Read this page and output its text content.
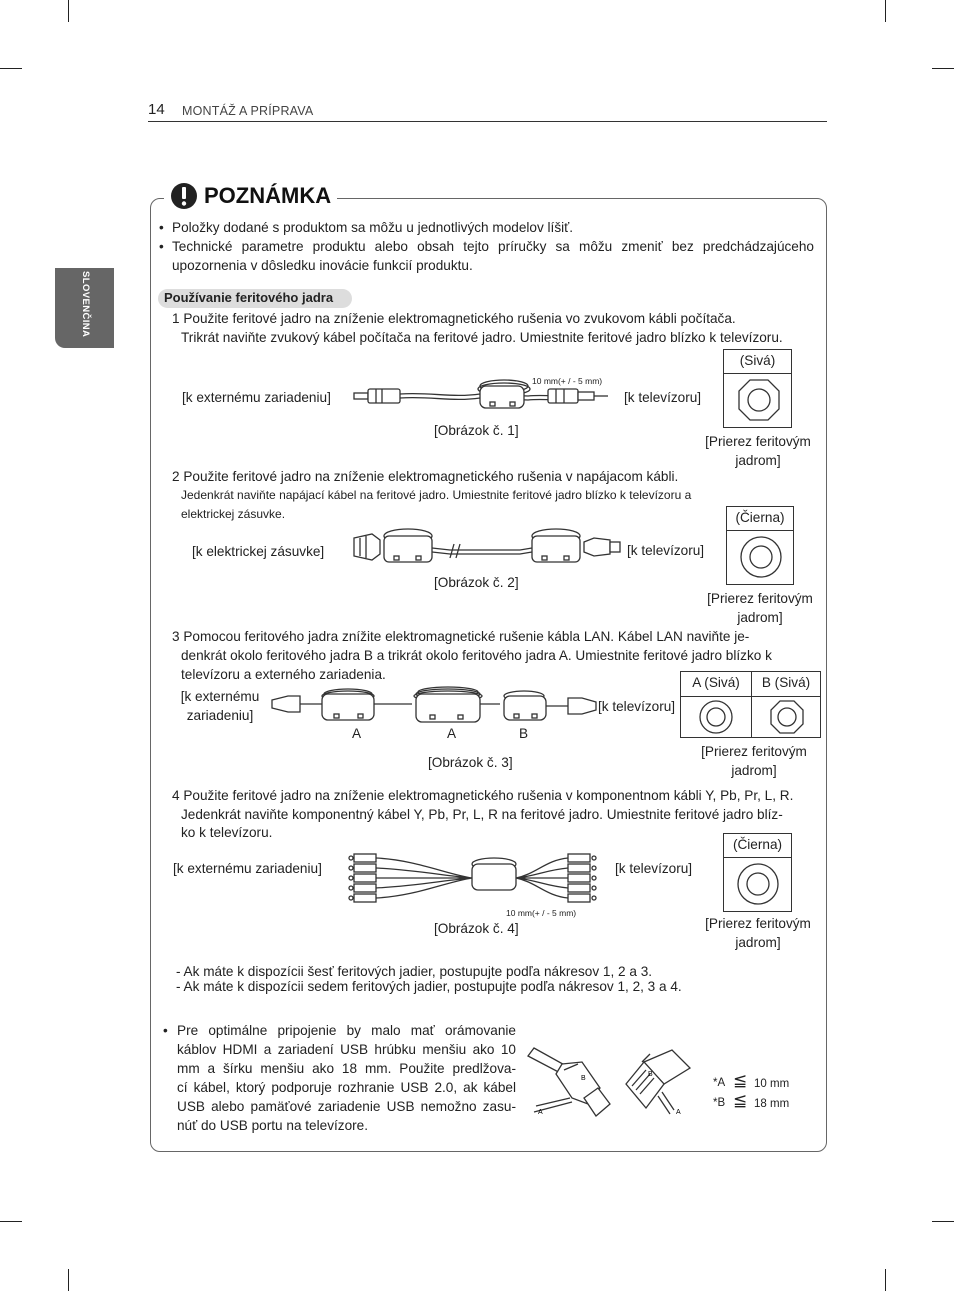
14 MONTÁŽ A PRÍPRAVA
SLOVENČINA
POZNÁMKA
• Položky dodané s produktom sa môžu u jednotlivých modelov líšiť.
• Technické parametre produktu alebo obsah tejto príručky sa môžu zmeniť bez predchádzajúceho upozornenia v dôsledku inovácie funkcií produktu.
Používanie feritového jadra
1 Použite feritové jadro na zníženie elektromagnetického rušenia vo zvukovom kábli počítača.
Trikrát naviňte zvukový kábel počítača na feritové jadro. Umiestnite feritové jadro blízko k televízoru.
[k externému zariadeniu]	[k televízoru]
10 mm(+ / - 5 mm)
[Obrázok č. 1]
(Sivá)
[Prierez feritovým
jadrom]
2 Použite feritové jadro na zníženie elektromagnetického rušenia v napájacom kábli.
Jedenkrát naviňte napájací kábel na feritové jadro. Umiestnite feritové jadro blízko k televízoru a
elektrickej zásuvke.
[k elektrickej zásuvke]	[k televízoru]
[Obrázok č. 2]
(Čierna)
[Prierez feritovým
jadrom]
3 Pomocou feritového jadra znížite elektromagnetické rušenie kábla LAN. Kábel LAN naviňte je-
denkrát okolo feritového jadra B a trikrát okolo feritového jadra A. Umiestnite feritové jadro blízko k
televízoru a externého zariadenia.
[k externému
zariadeniu]
[k televízoru]
A	A	B
[Obrázok č. 3]
A (Sivá)	B (Sivá)
[Prierez feritovým
jadrom]
4 Použite feritové jadro na zníženie elektromagnetického rušenia v komponentnom kábli Y, Pb, Pr, L, R.
Jedenkrát naviňte komponentný kábel Y, Pb, Pr, L, R na feritové jadro. Umiestnite feritové jadro blíz-
ko k televízoru.
[k externému zariadeniu]	[k televízoru]
10 mm(+ / - 5 mm)
[Obrázok č. 4]
(Čierna)
[Prierez feritovým
jadrom]
- Ak máte k dispozícii šesť feritových jadier, postupujte podľa nákresov 1, 2 a 3.
- Ak máte k dispozícii sedem feritových jadier, postupujte podľa nákresov 1, 2, 3 a 4.
• Pre optimálne pripojenie by malo mať orámovanie
káblov HDMI a zariadení USB hrúbku menšiu ako 10
mm a šírku menšiu ako 18 mm. Použite predlžova-
cí kábel, ktorý podporuje rozhranie USB 2.0, ak kábel
USB alebo pamäťové zariadenie USB nemožno zasu-
núť do USB portu na televízore.
B
A
B
A
*A ≦ 10 mm
*B ≦ 18 mm
